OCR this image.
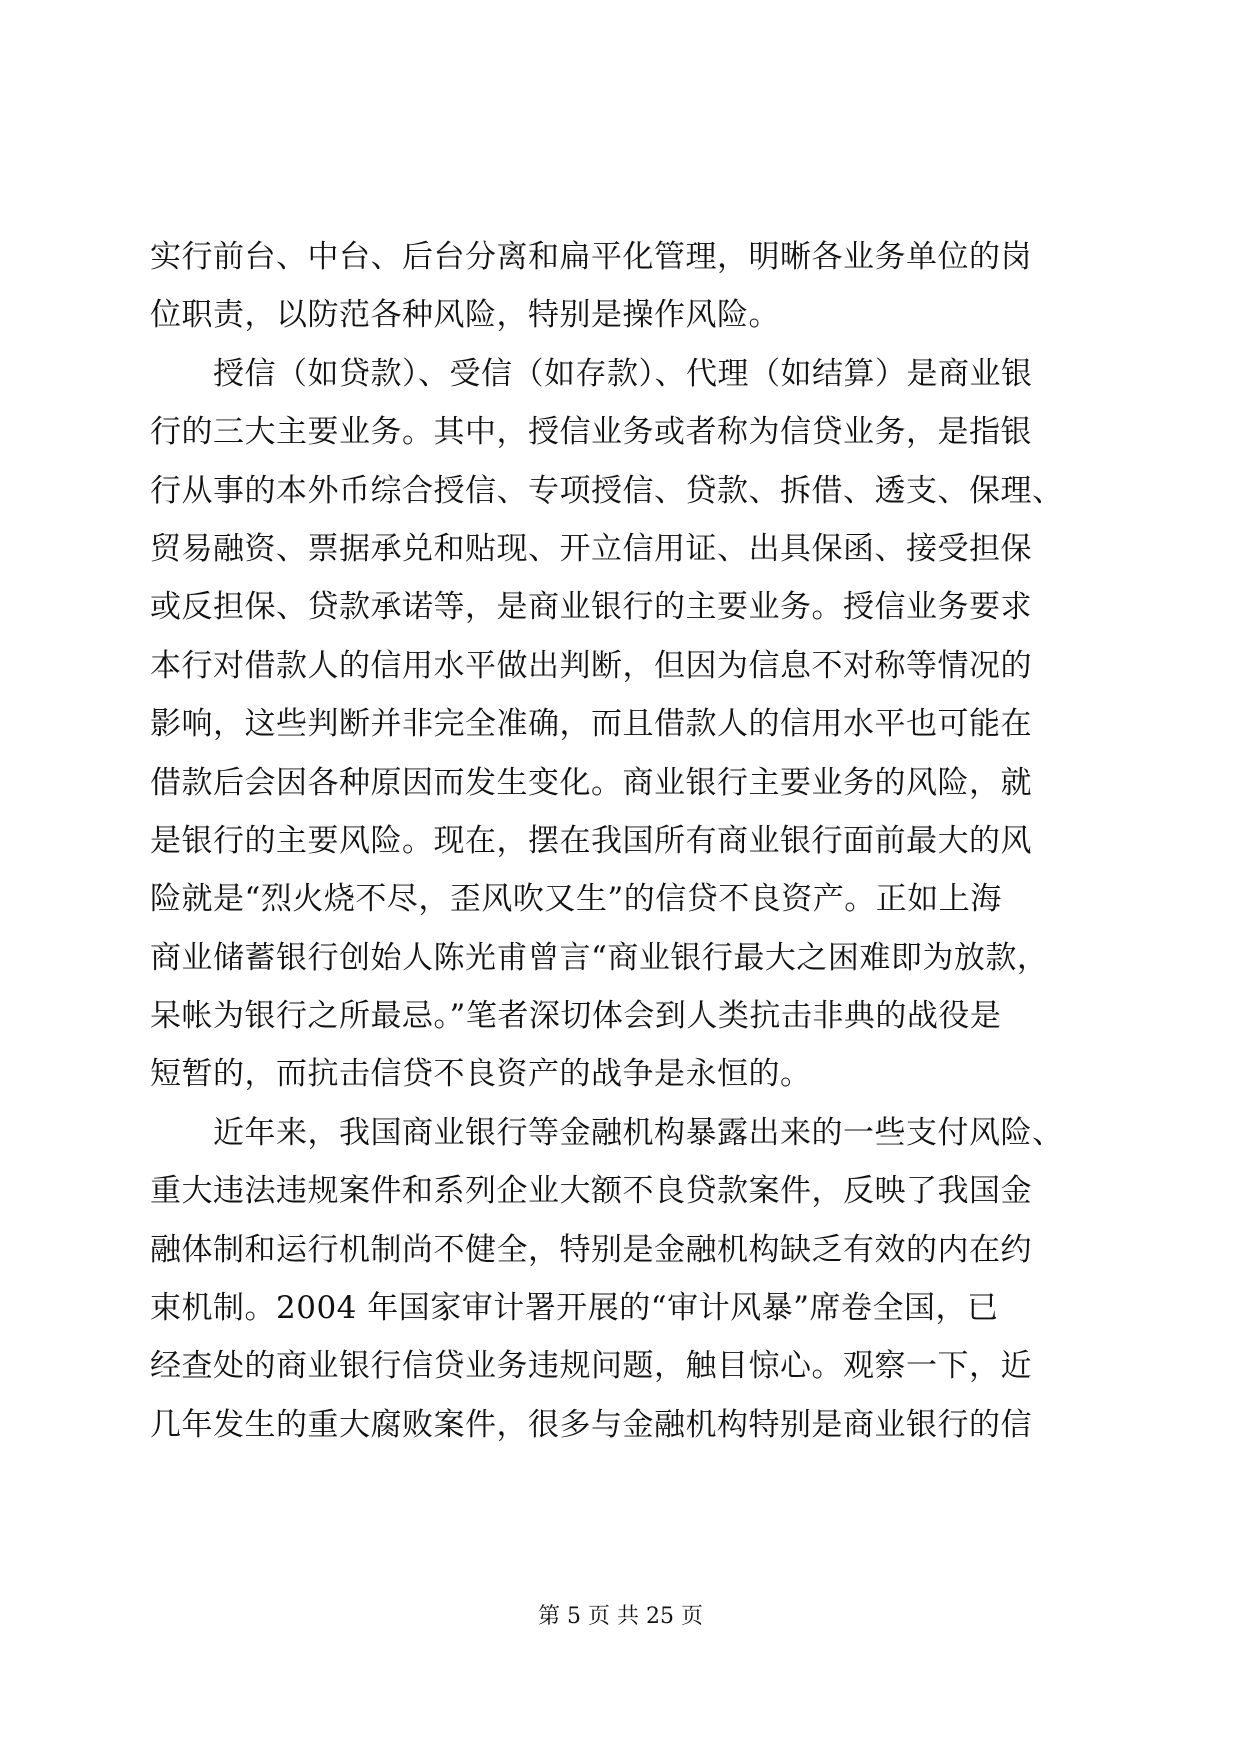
实行前台、中台、后台分离和扁平化管理，明晰各业务单位的岗
位职责，以防范各种风险，特别是操作风险。
　　授信（如贷款）、受信（如存款）、代理（如结算）是商业银
行的三大主要业务。其中，授信业务或者称为信贷业务，是指银
行从事的本外币综合授信、专项授信、贷款、拆借、透支、保理、
贸易融资、票据承兑和贴现、开立信用证、出具保函、接受担保
或反担保、贷款承诺等，是商业银行的主要业务。授信业务要求
本行对借款人的信用水平做出判断，但因为信息不对称等情况的
影响，这些判断并非完全准确，而且借款人的信用水平也可能在
借款后会因各种原因而发生变化。商业银行主要业务的风险，就
是银行的主要风险。现在，摆在我国所有商业银行面前最大的风
险就是“烈火烧不尽，歪风吹又生”的信贷不良资产。正如上海
商业储蓄银行创始人陈光甫曾言“商业银行最大之困难即为放款，
呆帐为银行之所最忌。”笔者深切体会到人类抗击非典的战役是
短暂的，而抗击信贷不良资产的战争是永恒的。
　　近年来，我国商业银行等金融机构暴露出来的一些支付风险、
重大违法违规案件和系列企业大额不良贷款案件，反映了我国金
融体制和运行机制尚不健全，特别是金融机构缺乏有效的内在约
束机制。2004 年国家审计署开展的“审计风暴”席卷全国，已
经查处的商业银行信贷业务违规问题，触目惊心。观察一下，近
几年发生的重大腐败案件，很多与金融机构特别是商业银行的信
第 5 页 共 25 页
